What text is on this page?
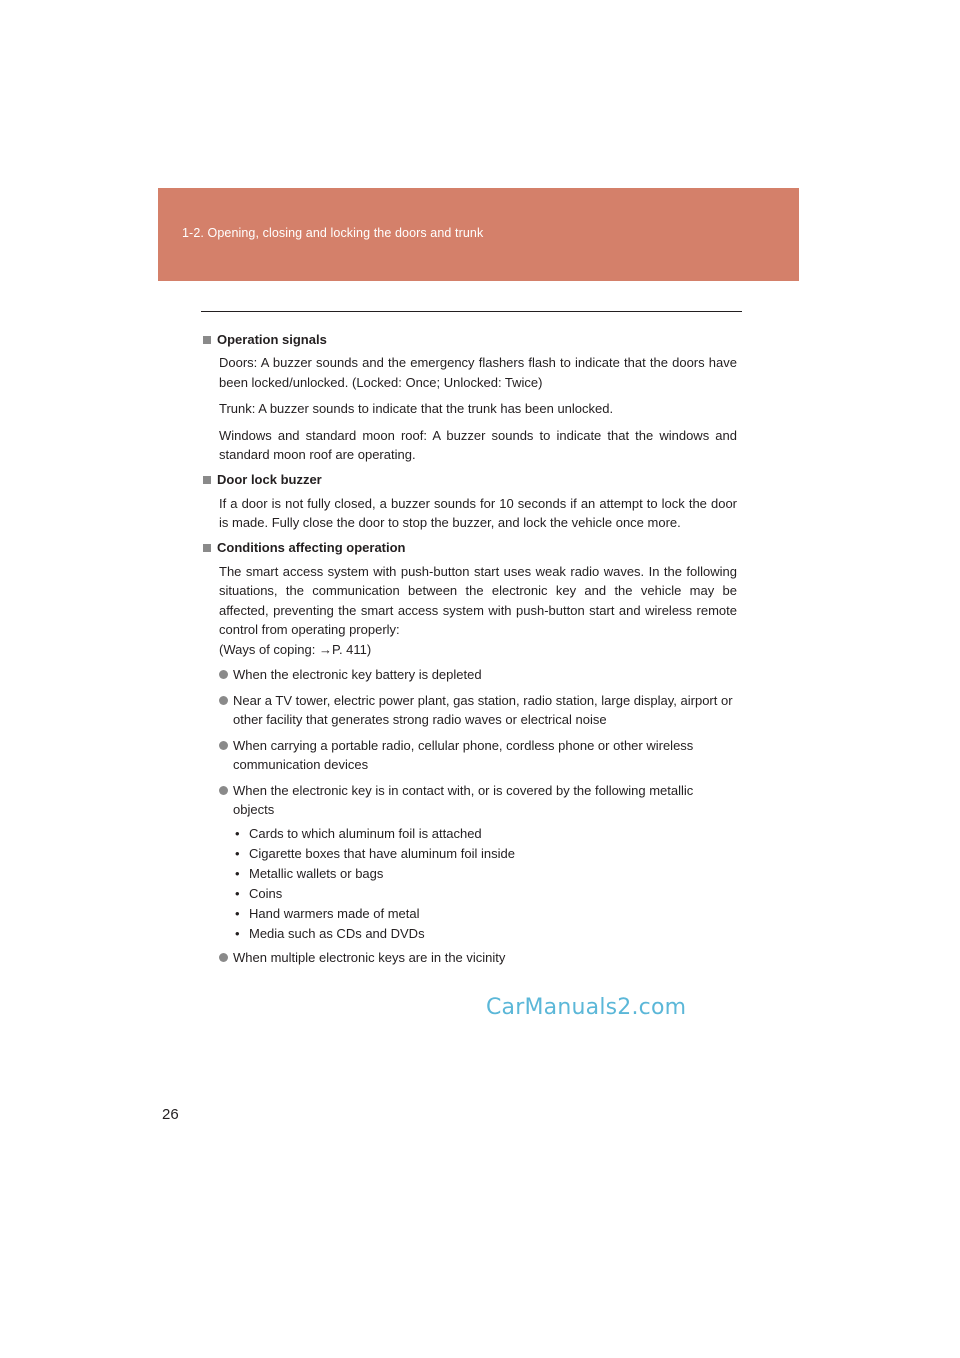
1-2. Opening, closing and locking the doors and trunk
Operation signals

Doors: A buzzer sounds and the emergency flashers flash to indicate that the doors have been locked/unlocked. (Locked: Once; Unlocked: Twice)

Trunk: A buzzer sounds to indicate that the trunk has been unlocked.

Windows and standard moon roof: A buzzer sounds to indicate that the windows and standard moon roof are operating.

Door lock buzzer

If a door is not fully closed, a buzzer sounds for 10 seconds if an attempt to lock the door is made. Fully close the door to stop the buzzer, and lock the vehicle once more.

Conditions affecting operation

The smart access system with push-button start uses weak radio waves. In the following situations, the communication between the electronic key and the vehicle may be affected, preventing the smart access system with push-button start and wireless remote control from operating properly:

(Ways of coping: →P. 411)

When the electronic key battery is depleted
Near a TV tower, electric power plant, gas station, radio station, large display, airport or other facility that generates strong radio waves or electrical noise
When carrying a portable radio, cellular phone, cordless phone or other wireless communication devices
When the electronic key is in contact with, or is covered by the following metallic objects
• Cards to which aluminum foil is attached
• Cigarette boxes that have aluminum foil inside
• Metallic wallets or bags
• Coins
• Hand warmers made of metal
• Media such as CDs and DVDs
When multiple electronic keys are in the vicinity
CarManuals2.com
26
